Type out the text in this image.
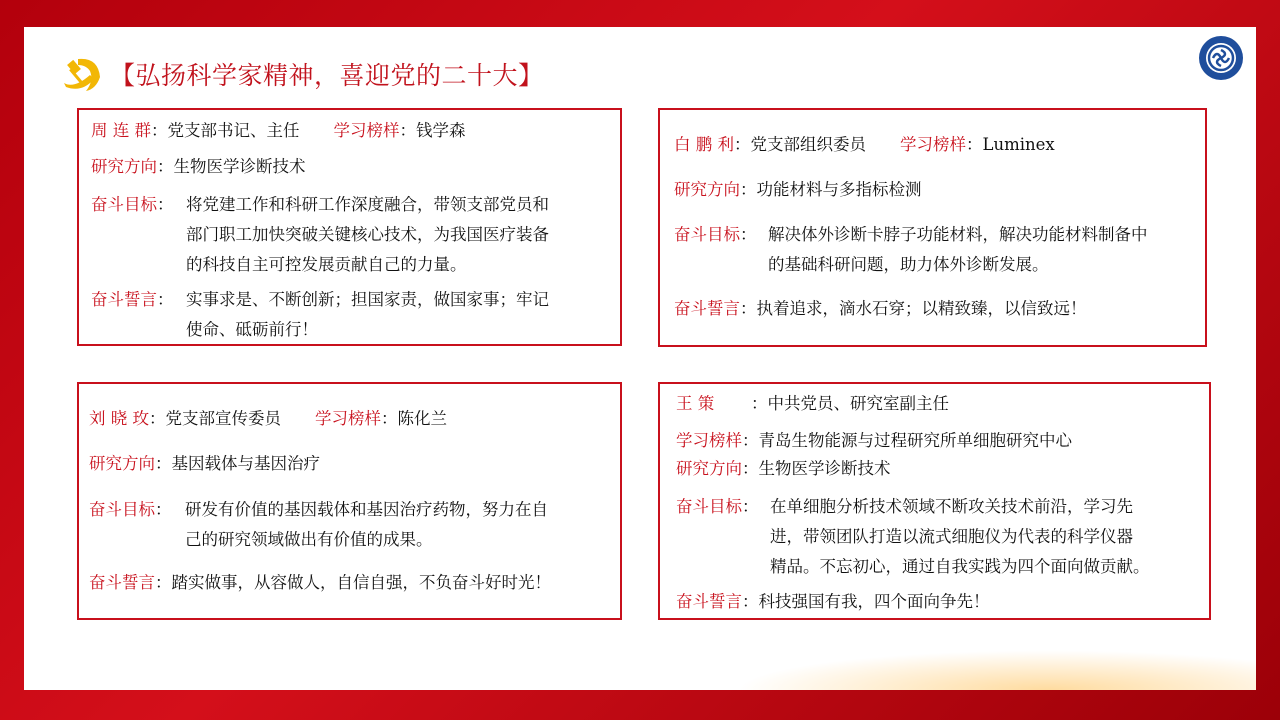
【弘扬科学家精神，喜迎党的二十大】
周 连 群 ： 党支部书记、主任 学习榜样 ： 钱学森
研究方向 ： 生物医学诊断技术
奋斗目标 ： 将党建工作和科研工作深度融合，带领支部党员和
部门职工加快突破关键核心技术，为我国医疗装备
的科技自主可控发展贡献自己的力量。
奋斗誓言 ： 实事求是、不断创新；担国家责，做国家事；牢记
使命、砥砺前行！
白 鹏 利 ： 党支部组织委员 学习榜样 ： Luminex
研究方向 ： 功能材料与多指标检测
奋斗目标 ： 解决体外诊断卡脖子功能材料，解决功能材料制备中
的基础科研问题，助力体外诊断发展。
奋斗誓言 ： 执着追求，滴水石穿；以精致臻，以信致远！
刘 晓 玫 ： 党支部宣传委员 学习榜样 ： 陈化兰
研究方向 ： 基因载体与基因治疗
奋斗目标 ： 研发有价值的基因载体和基因治疗药物，努力在自
己的研究领域做出有价值的成果。
奋斗誓言 ： 踏实做事，从容做人，自信自强，不负奋斗好时光！
王 策	： 中共党员、研究室副主任
学习榜样 ： 青岛生物能源与过程研究所单细胞研究中心
研究方向 ： 生物医学诊断技术
奋斗目标 ： 在单细胞分析技术领域不断攻关技术前沿，学习先
进，带领团队打造以流式细胞仪为代表的科学仪器
精品。不忘初心，通过自我实践为四个面向做贡献。
奋斗誓言 ： 科技强国有我，四个面向争先！
